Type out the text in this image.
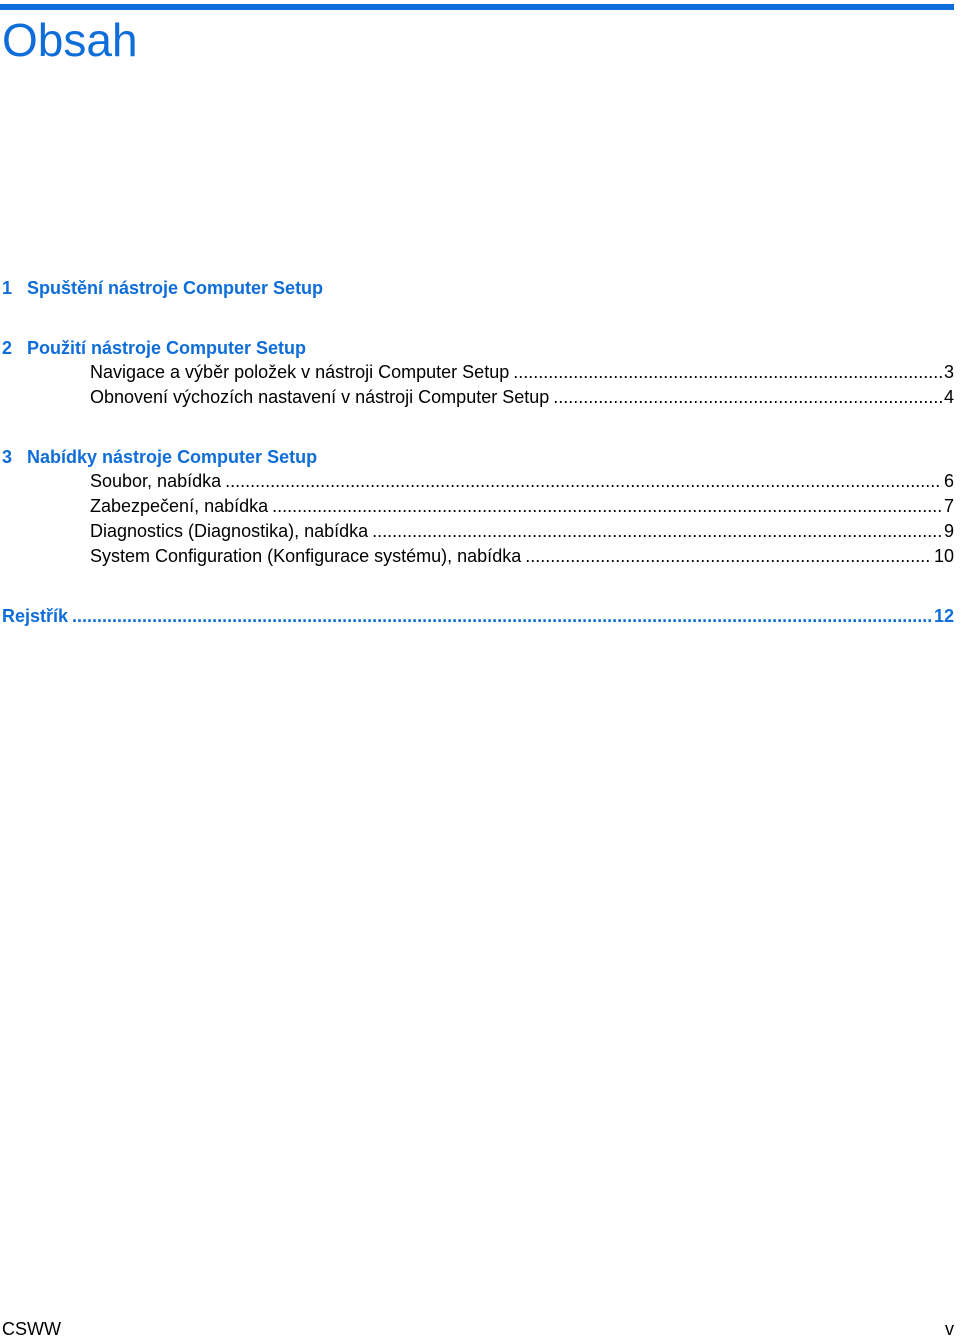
Obsah
1 Spuštění nástroje Computer Setup
2 Použití nástroje Computer Setup
Navigace a výběr položek v nástroji Computer Setup .....	3
Obnovení výchozích nastavení v nástroji Computer Setup .....	4
3 Nabídky nástroje Computer Setup
Soubor, nabídka .....	6
Zabezpečení, nabídka .....	7
Diagnostics (Diagnostika), nabídka .....	9
System Configuration (Konfigurace systému), nabídka .....	10
Rejstřík .....	12
CSWW	v
